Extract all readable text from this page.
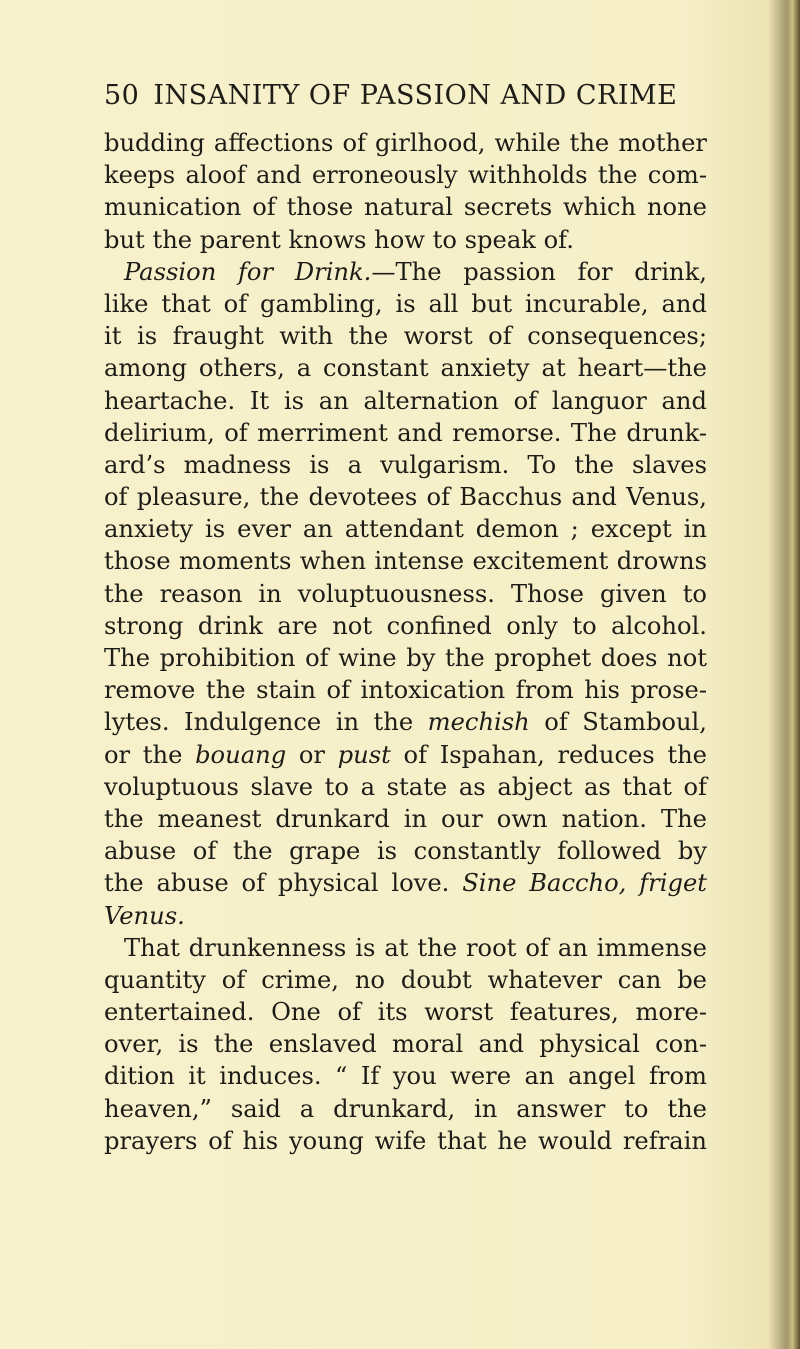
50 INSANITY OF PASSION AND CRIME
budding affections of girlhood, while the mother
keeps aloof and erroneously withholds the com-
munication of those natural secrets which none
but the parent knows how to speak of.
Passion for Drink.—The passion for drink,
like that of gambling, is all but incurable, and
it is fraught with the worst of consequences;
among others, a constant anxiety at heart—the
heartache. It is an alternation of languor and
delirium, of merriment and remorse. The drunk-
ard’s madness is a vulgarism. To the slaves
of pleasure, the devotees of Bacchus and Venus,
anxiety is ever an attendant demon ; except in
those moments when intense excitement drowns
the reason in voluptuousness. Those given to
strong drink are not confined only to alcohol.
The prohibition of wine by the prophet does not
remove the stain of intoxication from his prose-
lytes. Indulgence in the mechish of Stamboul,
or the bouang or pust of Ispahan, reduces the
voluptuous slave to a state as abject as that of
the meanest drunkard in our own nation. The
abuse of the grape is constantly followed by
the abuse of physical love. Sine Baccho, friget
Venus.
That drunkenness is at the root of an immense
quantity of crime, no doubt whatever can be
entertained. One of its worst features, more-
over, is the enslaved moral and physical con-
dition it induces. “ If you were an angel from
heaven,” said a drunkard, in answer to the
prayers of his young wife that he would refrain
